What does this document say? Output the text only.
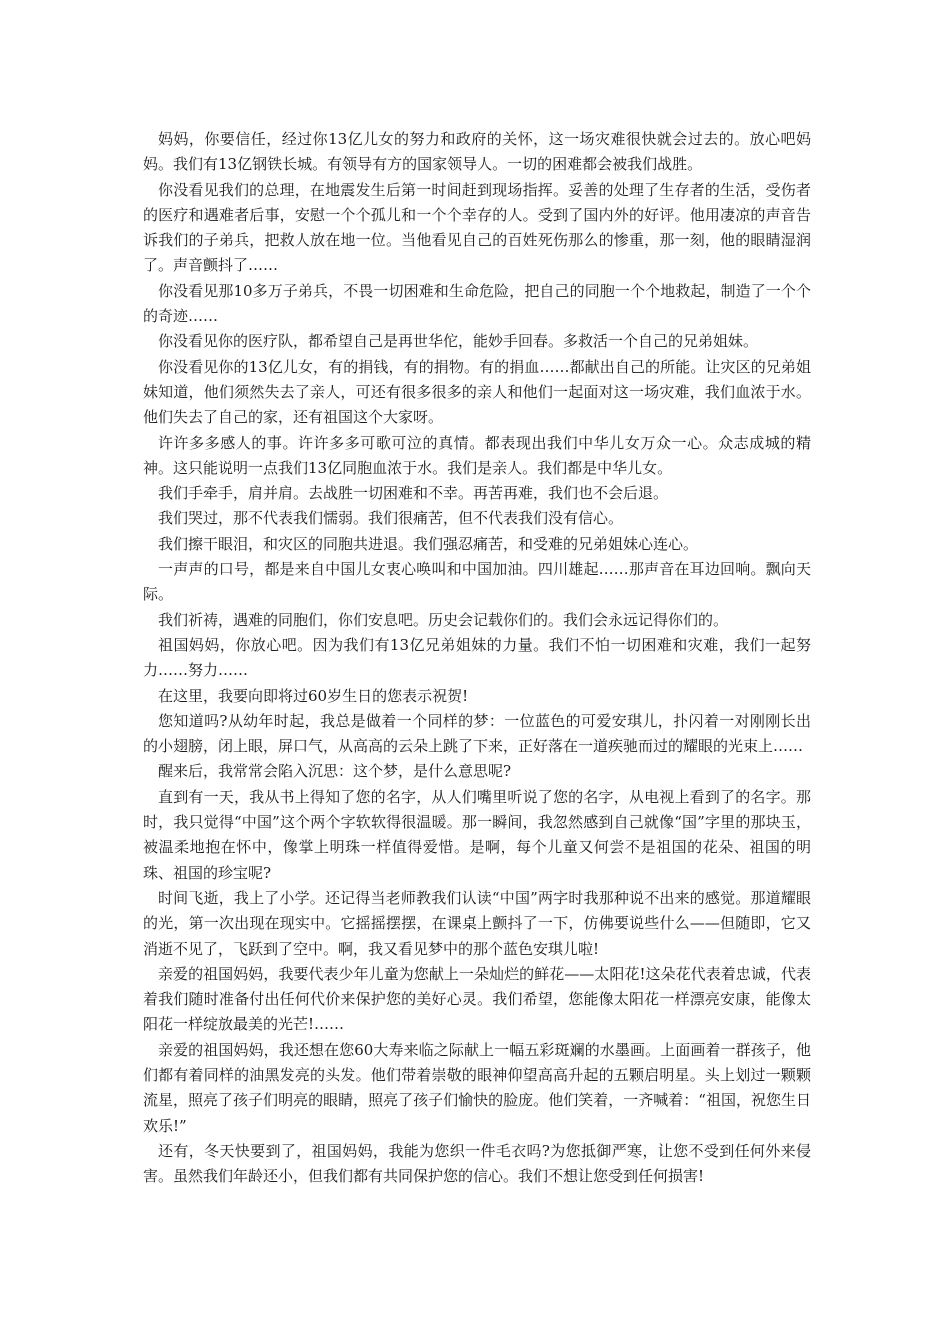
妈妈，你要信任，经过你13亿儿女的努力和政府的关怀，这一场灾难很快就会过去的。放心吧妈妈。我们有13亿钢铁长城。有领导有方的国家领导人。一切的困难都会被我们战胜。

你没看见我们的总理，在地震发生后第一时间赶到现场指挥。妥善的处理了生存者的生活，受伤者的医疗和遇难者后事，安慰一个个孤儿和一个个幸存的人。受到了国内外的好评。他用凄凉的声音告诉我们的子弟兵，把救人放在地一位。当他看见自己的百姓死伤那么的惨重，那一刻，他的眼睛湿润了。声音颤抖了……

你没看见那10多万子弟兵，不畏一切困难和生命危险，把自己的同胞一个个地救起，制造了一个个的奇迹……

你没看见你的医疗队，都希望自己是再世华佗，能妙手回春。多救活一个自己的兄弟姐妹。

你没看见你的13亿儿女，有的捐钱，有的捐物。有的捐血……都献出自己的所能。让灾区的兄弟姐妹知道，他们须然失去了亲人，可还有很多很多的亲人和他们一起面对这一场灾难，我们血浓于水。他们失去了自己的家，还有祖国这个大家呀。

许许多多感人的事。许许多多可歌可泣的真情。都表现出我们中华儿女万众一心。众志成城的精神。这只能说明一点我们13亿同胞血浓于水。我们是亲人。我们都是中华儿女。

我们手牵手，肩并肩。去战胜一切困难和不幸。再苦再难，我们也不会后退。

我们哭过，那不代表我们懦弱。我们很痛苦，但不代表我们没有信心。

我们擦干眼泪，和灾区的同胞共进退。我们强忍痛苦，和受难的兄弟姐妹心连心。

一声声的口号，都是来自中国儿女衷心唤叫和中国加油。四川雄起……那声音在耳边回响。飘向天际。

我们祈祷，遇难的同胞们，你们安息吧。历史会记载你们的。我们会永远记得你们的。

祖国妈妈，你放心吧。因为我们有13亿兄弟姐妹的力量。我们不怕一切困难和灾难，我们一起努力……努力……

在这里，我要向即将过60岁生日的您表示祝贺!

您知道吗?从幼年时起，我总是做着一个同样的梦：一位蓝色的可爱安琪儿，扑闪着一对刚刚长出的小翅膀，闭上眼，屏口气，从高高的云朵上跳了下来，正好落在一道疾驰而过的耀眼的光束上……

醒来后，我常常会陷入沉思：这个梦，是什么意思呢?

直到有一天，我从书上得知了您的名字，从人们嘴里听说了您的名字，从电视上看到了的名字。那时，我只觉得“中国”这个两个字软软得很温暖。那一瞬间，我忽然感到自己就像“国”字里的那块玉，被温柔地抱在怀中，像掌上明珠一样值得爱惜。是啊，每个儿童又何尝不是祖国的花朵、祖国的明珠、祖国的珍宝呢?

时间飞逝，我上了小学。还记得当老师教我们认读“中国”两字时我那种说不出来的感觉。那道耀眼的光，第一次出现在现实中。它摇摇摆摆，在课桌上颤抖了一下，仿佛要说些什么——但随即，它又消逝不见了，飞跃到了空中。啊，我又看见梦中的那个蓝色安琪儿啦!

亲爱的祖国妈妈，我要代表少年儿童为您献上一朵灿烂的鲜花——太阳花!这朵花代表着忠诚，代表着我们随时准备付出任何代价来保护您的美好心灵。我们希望，您能像太阳花一样漂亮安康，能像太阳花一样绽放最美的光芒!……

亲爱的祖国妈妈，我还想在您60大寿来临之际献上一幅五彩斑斓的水墨画。上面画着一群孩子，他们都有着同样的油黑发亮的头发。他们带着崇敬的眼神仰望高高升起的五颗启明星。头上划过一颗颗流星，照亮了孩子们明亮的眼睛，照亮了孩子们愉快的脸庞。他们笑着，一齐喊着：“祖国，祝您生日欢乐!”

还有，冬天快要到了，祖国妈妈，我能为您织一件毛衣吗?为您抵御严寒，让您不受到任何外来侵害。虽然我们年龄还小，但我们都有共同保护您的信心。我们不想让您受到任何损害!
